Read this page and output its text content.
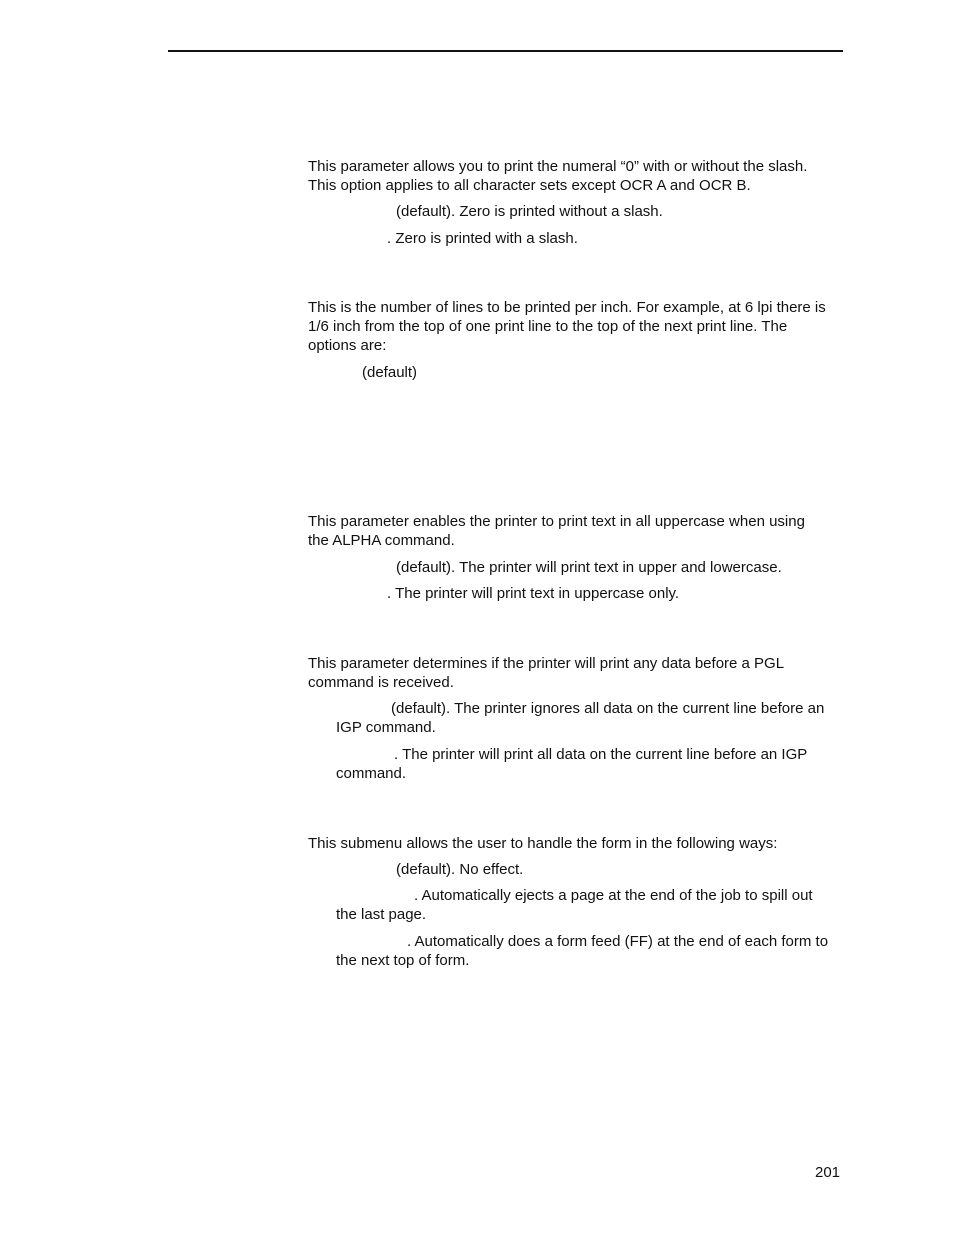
This parameter allows you to print the numeral “0” with or without the slash.

This option applies to all character sets except OCR A and OCR B.

(default). Zero is printed without a slash.

. Zero is printed with a slash.

This is the number of lines to be printed per inch. For example, at 6 lpi there is

1/6 inch from the top of one print line to the top of the next print line. The

options are:

(default)

This parameter enables the printer to print text in all uppercase when using

the ALPHA command.

(default). The printer will print text in upper and lowercase.

. The printer will print text in uppercase only.

This parameter determines if the printer will print any data before a PGL

command is received.

(default). The printer ignores all data on the current line before an

IGP command.

. The printer will print all data on the current line before an IGP

command.

This submenu allows the user to handle the form in the following ways:

(default). No effect.

. Automatically ejects a page at the end of the job to spill out

the last page.

. Automatically does a form feed (FF) at the end of each form to

the next top of form.

201
